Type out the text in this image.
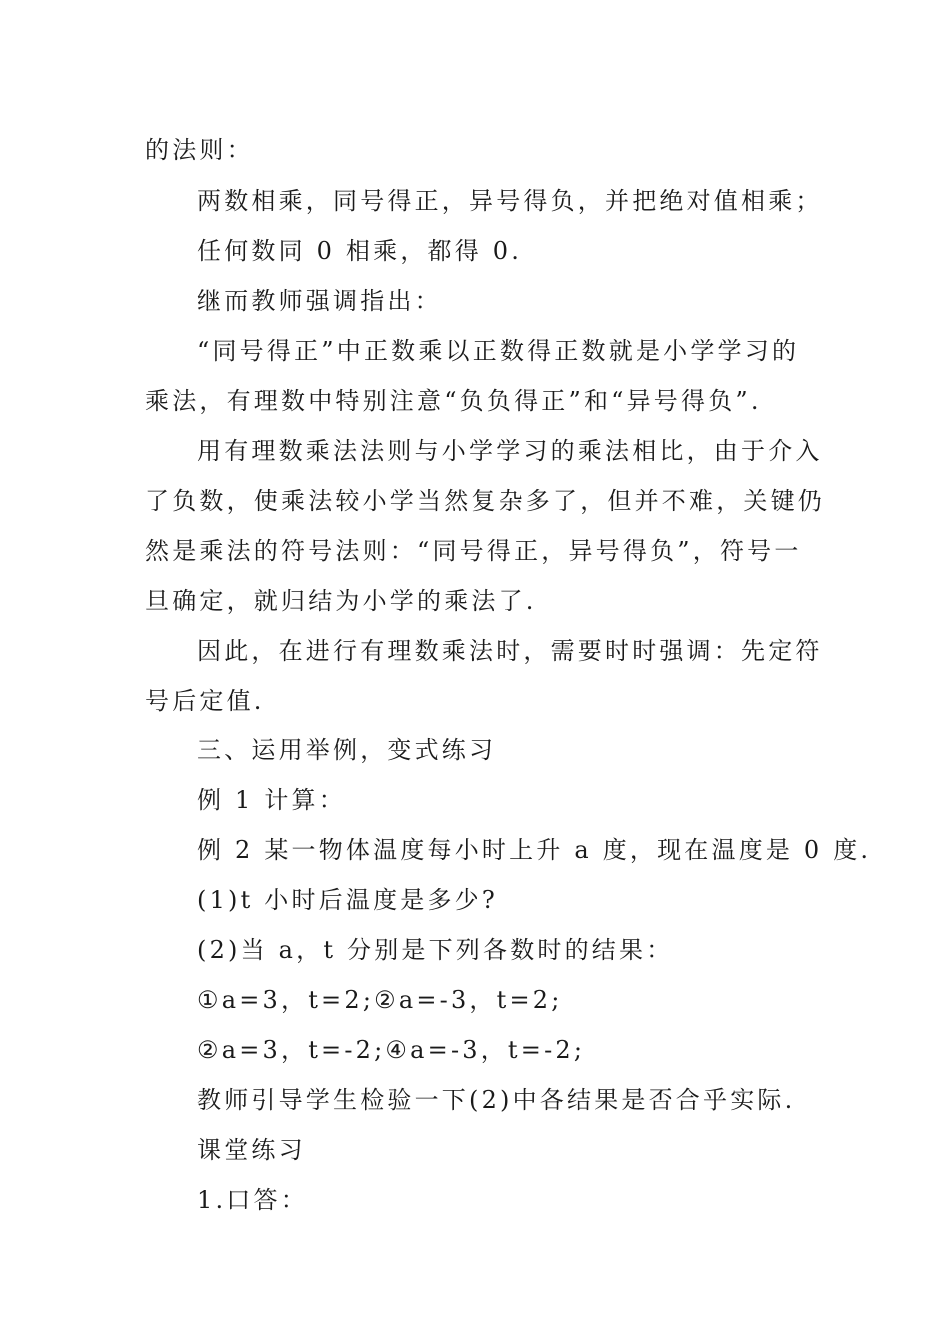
的法则：
两数相乘，同号得正，异号得负，并把绝对值相乘；
任何数同 0 相乘，都得 0.
继而教师强调指出：
“同号得正”中正数乘以正数得正数就是小学学习的
乘法，有理数中特别注意“负负得正”和“异号得负”.
用有理数乘法法则与小学学习的乘法相比，由于介入
了负数，使乘法较小学当然复杂多了，但并不难，关键仍
然是乘法的符号法则：“同号得正，异号得负”，符号一
旦确定，就归结为小学的乘法了.
因此，在进行有理数乘法时，需要时时强调：先定符
号后定值.
三、运用举例，变式练习
例 1 计算：
例 2 某一物体温度每小时上升 a 度，现在温度是 0 度.
(1)t 小时后温度是多少?
(2)当 a，t 分别是下列各数时的结果：
①a=3，t=2;②a=-3，t=2;
②a=3，t=-2;④a=-3，t=-2;
教师引导学生检验一下(2)中各结果是否合乎实际.
课堂练习
1.口答：
